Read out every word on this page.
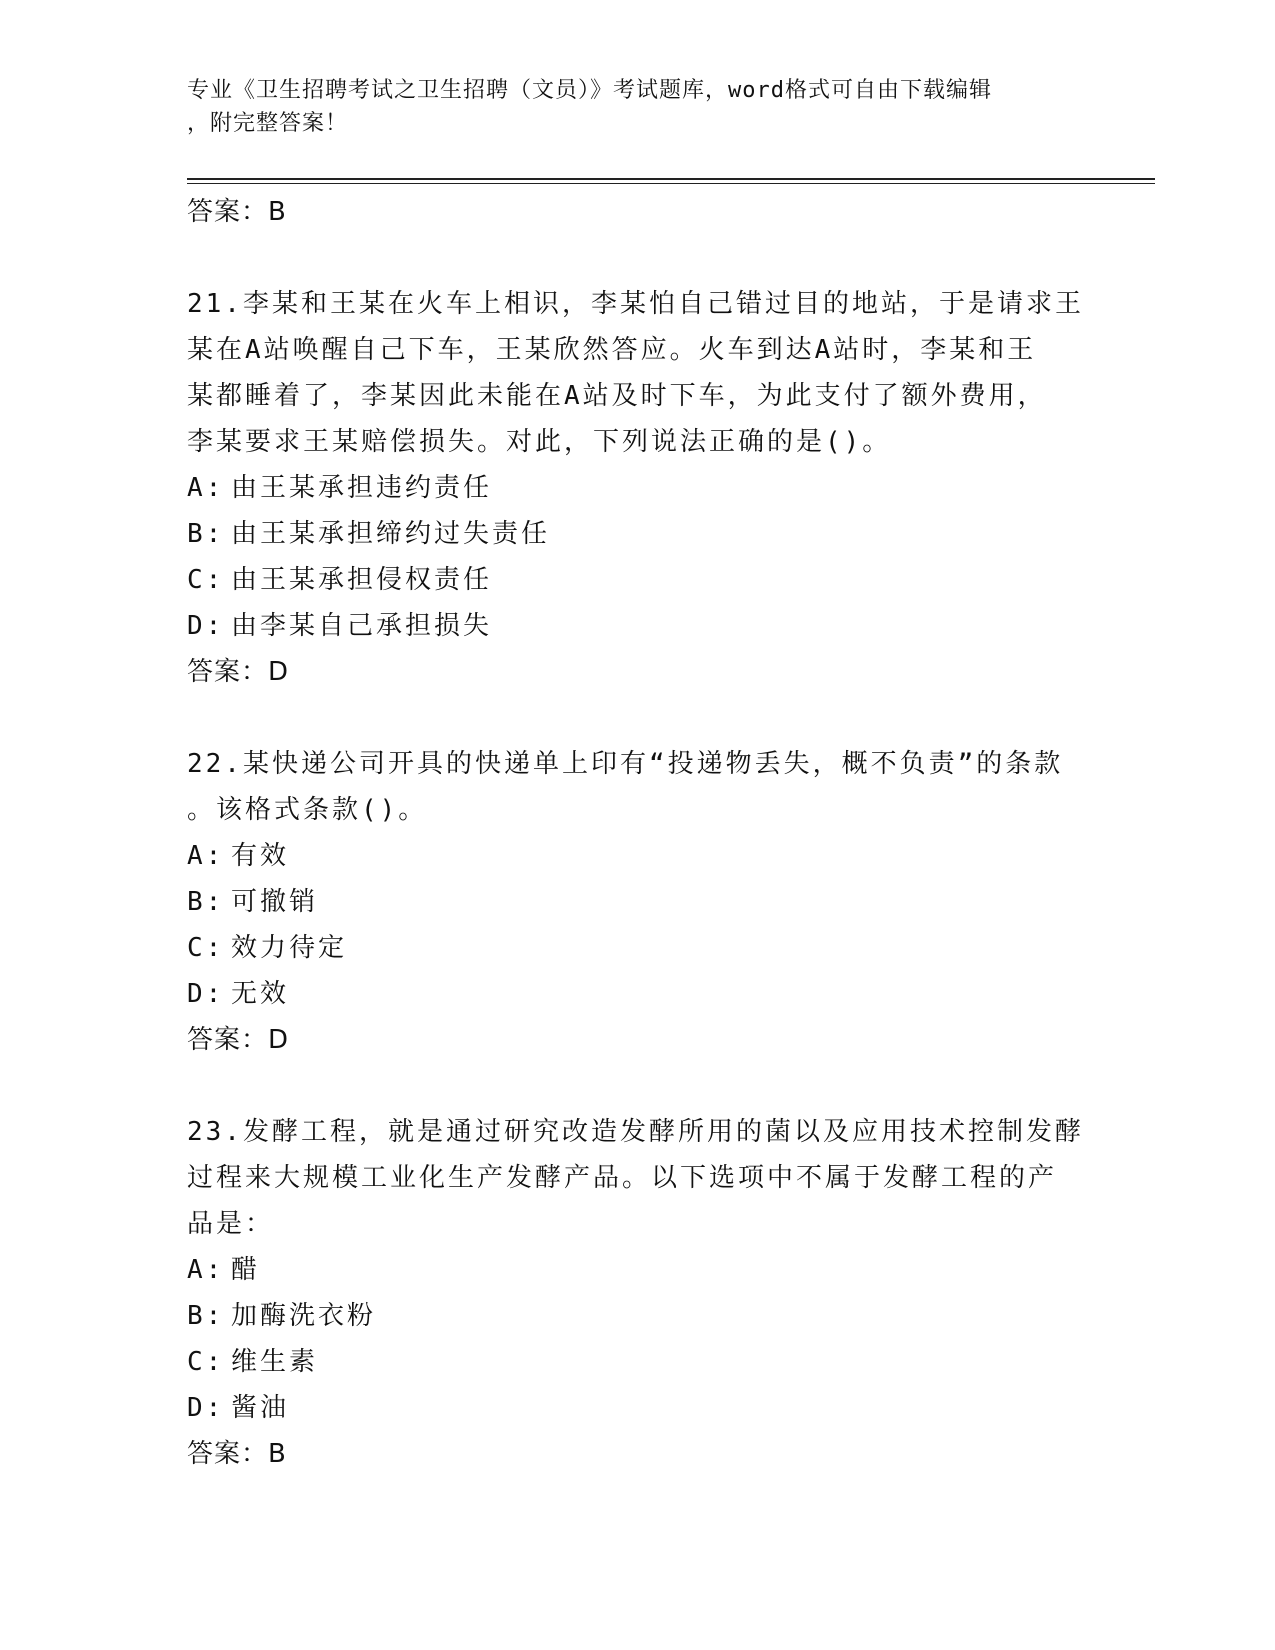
专业《卫生招聘考试之卫生招聘（文员）》考试题库，word格式可自由下载编辑
，附完整答案！
答案：B
21.李某和王某在火车上相识，李某怕自己错过目的地站，于是请求王
某在A站唤醒自己下车，王某欣然答应。火车到达A站时，李某和王
某都睡着了，李某因此未能在A站及时下车，为此支付了额外费用，
李某要求王某赔偿损失。对此，下列说法正确的是()。
A: 由王某承担违约责任
B: 由王某承担缔约过失责任
C: 由王某承担侵权责任
D: 由李某自己承担损失
答案：D
22.某快递公司开具的快递单上印有“投递物丢失，概不负责”的条款
。该格式条款()。
A: 有效
B: 可撤销
C: 效力待定
D: 无效
答案：D
23.发酵工程，就是通过研究改造发酵所用的菌以及应用技术控制发酵
过程来大规模工业化生产发酵产品。以下选项中不属于发酵工程的产
品是：
A: 醋
B: 加酶洗衣粉
C: 维生素
D: 酱油
答案：B
